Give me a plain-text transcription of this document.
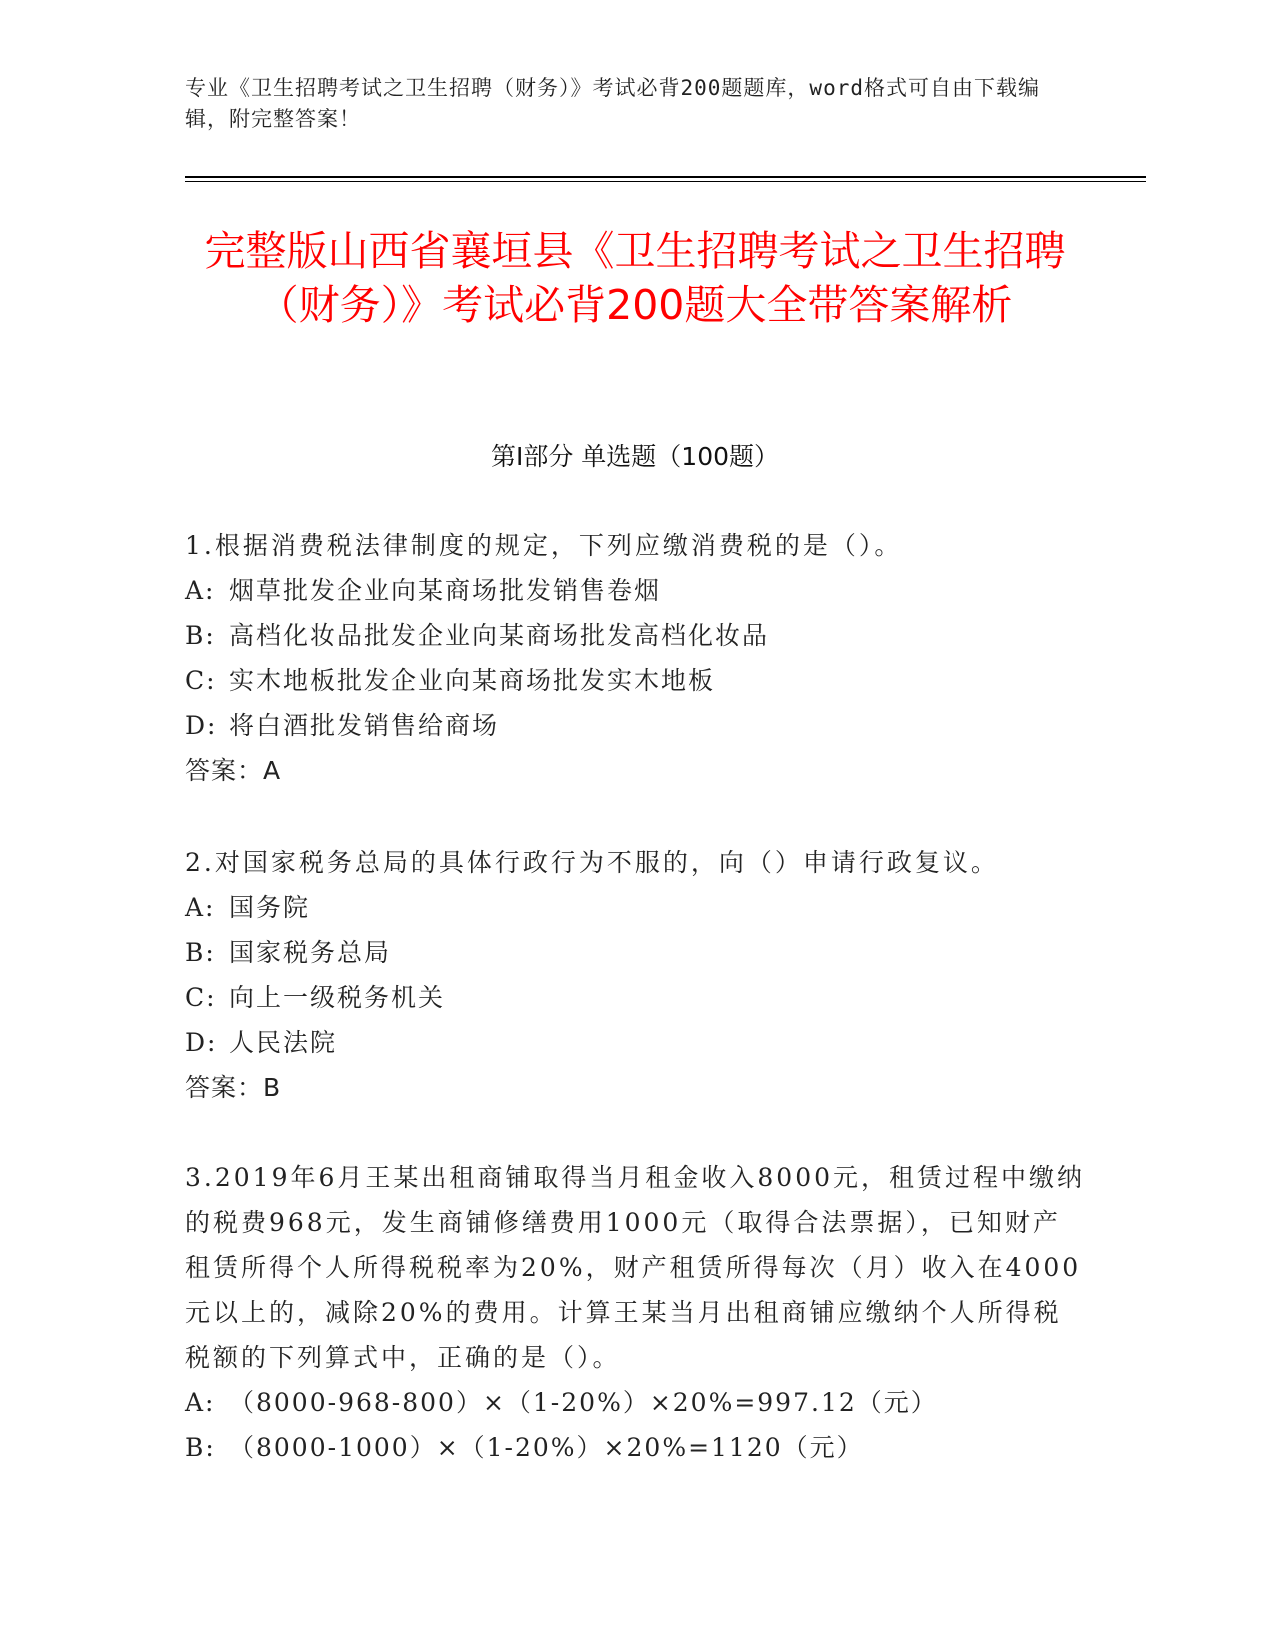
专业《卫生招聘考试之卫生招聘（财务）》考试必背200题题库，word格式可自由下载编辑，附完整答案！
完整版山西省襄垣县《卫生招聘考试之卫生招聘（财务）》考试必背200题大全带答案解析
第I部分 单选题（100题）
1.根据消费税法律制度的规定，下列应缴消费税的是（）。
A: 烟草批发企业向某商场批发销售卷烟
B: 高档化妆品批发企业向某商场批发高档化妆品
C: 实木地板批发企业向某商场批发实木地板
D: 将白酒批发销售给商场
答案：A
2.对国家税务总局的具体行政行为不服的，向（）申请行政复议。
A: 国务院
B: 国家税务总局
C: 向上一级税务机关
D: 人民法院
答案：B
3.2019年6月王某出租商铺取得当月租金收入8000元，租赁过程中缴纳的税费968元，发生商铺修缮费用1000元（取得合法票据），已知财产租赁所得个人所得税税率为20%，财产租赁所得每次（月）收入在4000元以上的，减除20%的费用。计算王某当月出租商铺应缴纳个人所得税税额的下列算式中，正确的是（）。
A: （8000-968-800）×（1-20%）×20%=997.12（元）
B: （8000-1000）×（1-20%）×20%=1120（元）
